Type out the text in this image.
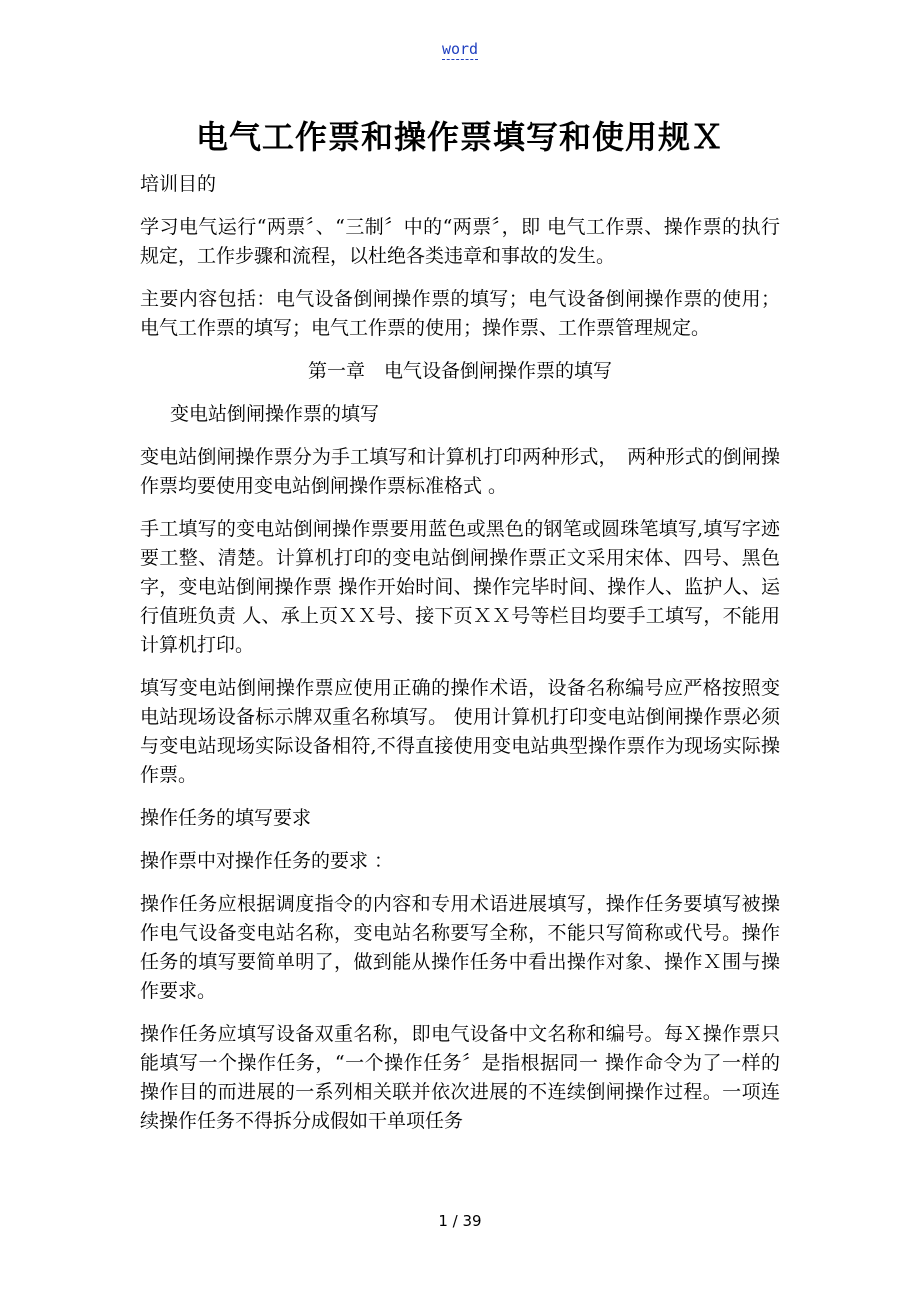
word
电气工作票和操作票填写和使用规Ｘ

培训目的

学习电气运行“两票〞、“三制〞中的“两票〞，即 电气工作票、操作票的执行规定，工作步骤和流程，以杜绝各类违章和事故的发生。

主要内容包括：电气设备倒闸操作票的填写；电气设备倒闸操作票的使用；电气工作票的填写；电气工作票的使用；操作票、工作票管理规定。

第一章　电气设备倒闸操作票的填写

变电站倒闸操作票的填写

变电站倒闸操作票分为手工填写和计算机打印两种形式，　两种形式的倒闸操作票均要使用变电站倒闸操作票标准格式 。

手工填写的变电站倒闸操作票要用蓝色或黑色的钢笔或圆珠笔填写,填写字迹要工整、清楚。计算机打印的变电站倒闸操作票正文采用宋体、四号、黑色字，变电站倒闸操作票 操作开始时间、操作完毕时间、操作人、监护人、运行值班负责 人、承上页ＸＸ号、接下页ＸＸ号等栏目均要手工填写，不能用计算机打印。

填写变电站倒闸操作票应使用正确的操作术语，设备名称编号应严格按照变电站现场设备标示牌双重名称填写。 使用计算机打印变电站倒闸操作票必须与变电站现场实际设备相符,不得直接使用变电站典型操作票作为现场实际操作票。

操作任务的填写要求

操作票中对操作任务的要求 ：

操作任务应根据调度指令的内容和专用术语进展填写，操作任务要填写被操作电气设备变电站名称，变电站名称要写全称，不能只写简称或代号。操作任务的填写要简单明了，做到能从操作任务中看出操作对象、操作Ｘ围与操作要求。

操作任务应填写设备双重名称，即电气设备中文名称和编号。每Ｘ操作票只能填写一个操作任务，“一个操作任务〞是指根据同一 操作命令为了一样的操作目的而进展的一系列相关联并依次进展的不连续倒闸操作过程。一项连续操作任务不得拆分成假如干单项任务

1 / 39
